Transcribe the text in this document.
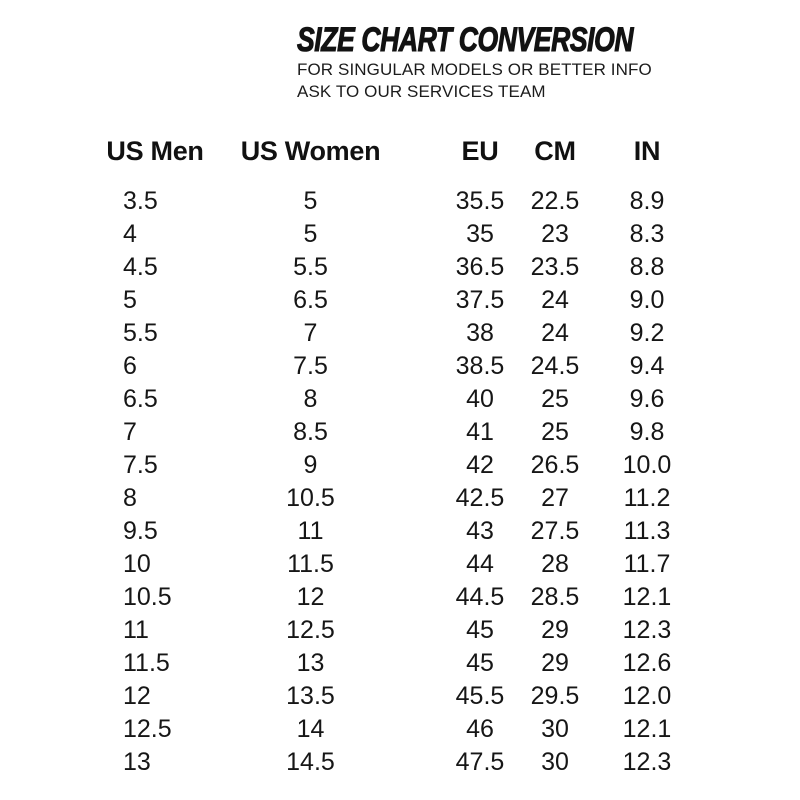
SIZE CHART CONVERSION

FOR SINGULAR MODELS OR BETTER INFO

ASK TO OUR SERVICES TEAM

US Men
3.5
4
4.5
5
5.5
6
6.5
7
7.5
8
9.5
10
10.5
11
11.5
12
12.5
13
US Women
5
5
5.5
6.5
7
7.5
8
8.5
9
10.5
11
11.5
12
12.5
13
13.5
14
14.5
EU
35.5
35
36.5
37.5
38
38.5
40
41
42
42.5
43
44
44.5
45
45
45.5
46
47.5
CM
22.5
23
23.5
24
24
24.5
25
25
26.5
27
27.5
28
28.5
29
29
29.5
30
30
IN
8.9
8.3
8.8
9.0
9.2
9.4
9.6
9.8
10.0
11.2
11.3
11.7
12.1
12.3
12.6
12.0
12.1
12.3
